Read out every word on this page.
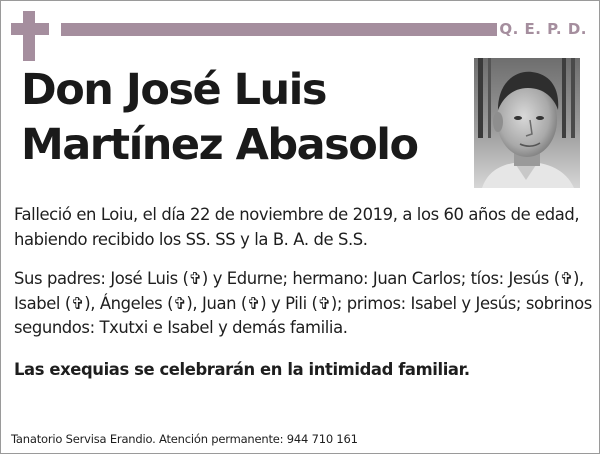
Q. E. P. D.
Don José Luis
Martínez Abasolo

Falleció en Loiu, el día 22 de noviembre de 2019, a los 60 años de edad, habiendo recibido los SS. SS y la B. A. de S.S.

Sus padres: José Luis (✞) y Edurne; hermano: Juan Carlos; tíos: Jesús (✞), Isabel (✞), Ángeles (✞), Juan (✞) y Pili (✞); primos: Isabel y Jesús; sobrinos segundos: Txutxi e Isabel y demás familia.

Las exequias se celebrarán en la intimidad familiar.

Tanatorio Servisa Erandio. Atención permanente: 944 710 161
